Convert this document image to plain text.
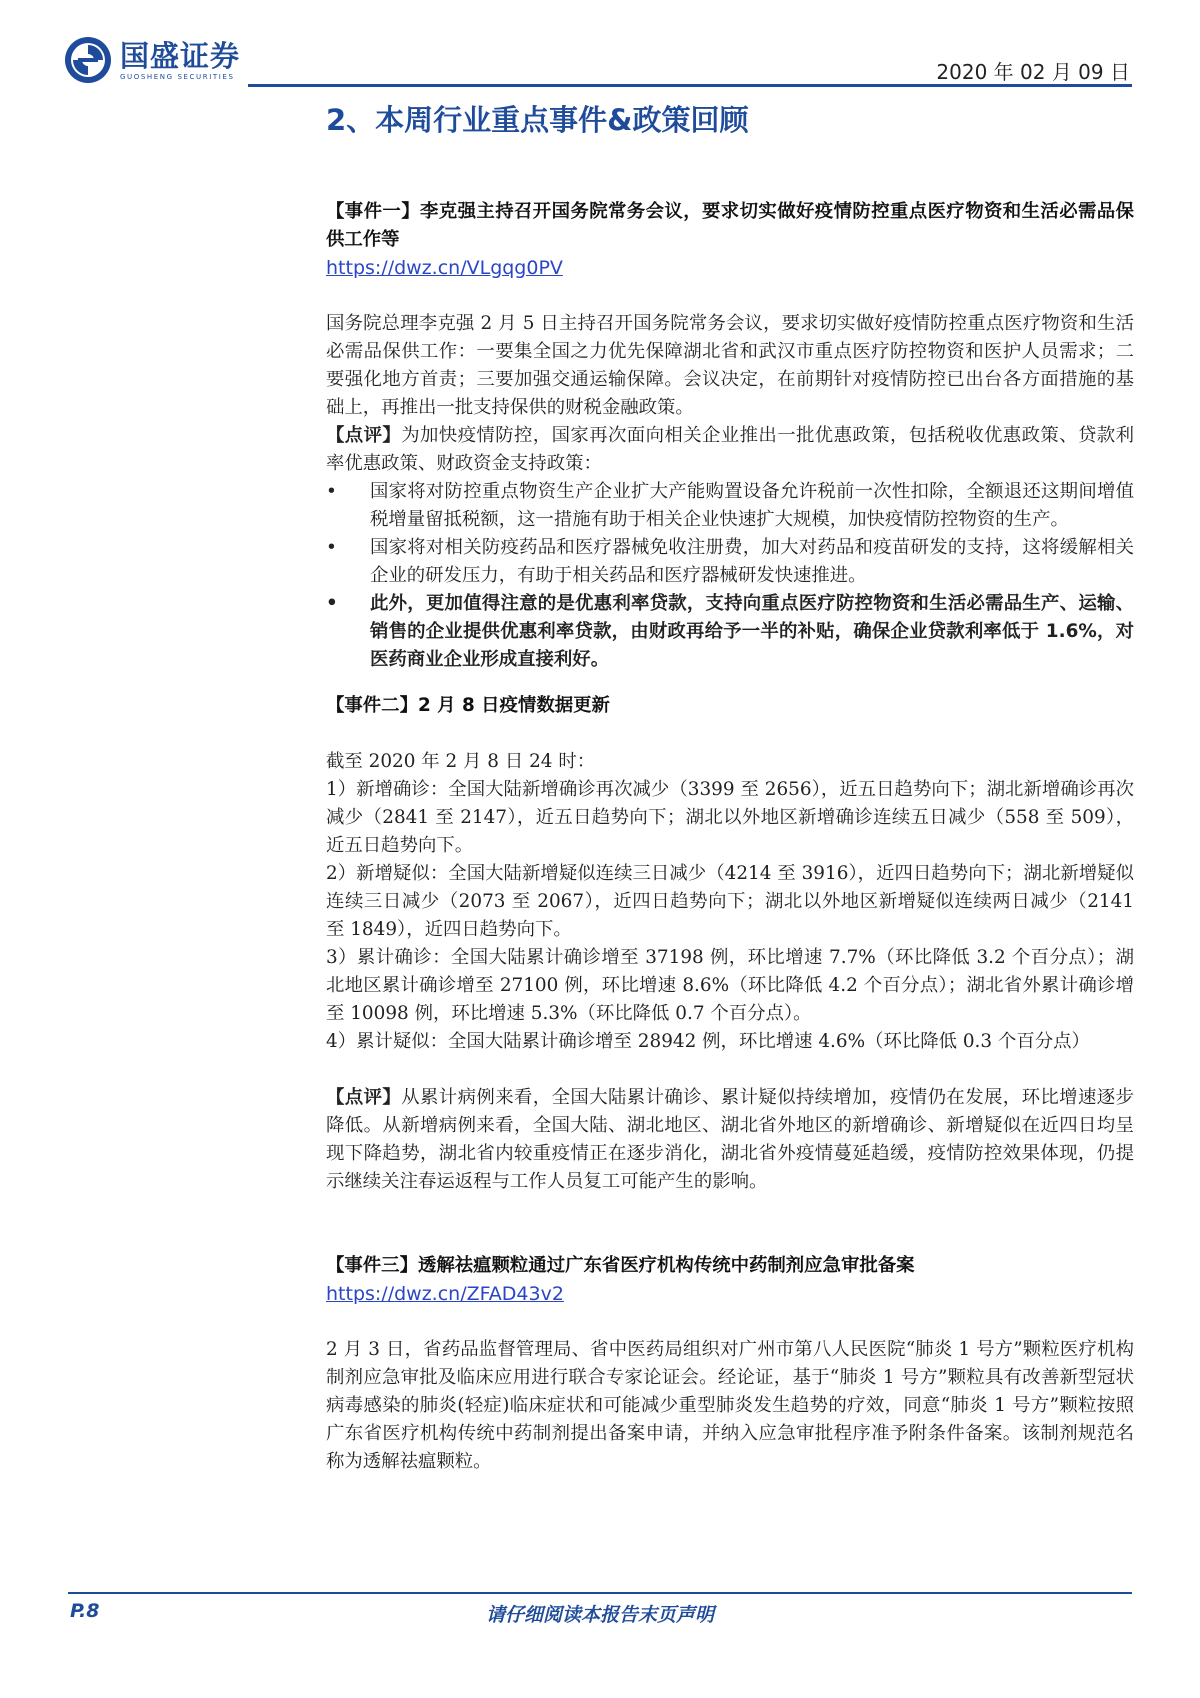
国盛证券
GUOSHENG SECURITIES	2020 年 02 月 09 日
2、本周行业重点事件&政策回顾

【事件一】李克强主持召开国务院常务会议，要求切实做好疫情防控重点医疗物资和生活必需品保供工作等

https://dwz.cn/VLgqg0PV

国务院总理李克强 2 月 5 日主持召开国务院常务会议，要求切实做好疫情防控重点医疗物资和生活必需品保供工作：一要集全国之力优先保障湖北省和武汉市重点医疗防控物资和医护人员需求；二要强化地方首责；三要加强交通运输保障。会议决定，在前期针对疫情防控已出台各方面措施的基础上，再推出一批支持保供的财税金融政策。

【点评】为加快疫情防控，国家再次面向相关企业推出一批优惠政策，包括税收优惠政策、贷款利率优惠政策、财政资金支持政策：

• 国家将对防控重点物资生产企业扩大产能购置设备允许税前一次性扣除，全额退还这期间增值税增量留抵税额，这一措施有助于相关企业快速扩大规模，加快疫情防控物资的生产。
• 国家将对相关防疫药品和医疗器械免收注册费，加大对药品和疫苗研发的支持，这将缓解相关企业的研发压力，有助于相关药品和医疗器械研发快速推进。
• 此外，更加值得注意的是优惠利率贷款，支持向重点医疗防控物资和生活必需品生产、运输、销售的企业提供优惠利率贷款，由财政再给予一半的补贴，确保企业贷款利率低于 1.6%，对医药商业企业形成直接利好。

【事件二】2 月 8 日疫情数据更新

截至 2020 年 2 月 8 日 24 时：

1）新增确诊：全国大陆新增确诊再次减少（3399 至 2656），近五日趋势向下；湖北新增确诊再次减少（2841 至 2147），近五日趋势向下；湖北以外地区新增确诊连续五日减少（558 至 509），近五日趋势向下。

2）新增疑似：全国大陆新增疑似连续三日减少（4214 至 3916），近四日趋势向下；湖北新增疑似连续三日减少（2073 至 2067），近四日趋势向下；湖北以外地区新增疑似连续两日减少（2141 至 1849），近四日趋势向下。

3）累计确诊：全国大陆累计确诊增至 37198 例，环比增速 7.7%（环比降低 3.2 个百分点）；湖北地区累计确诊增至 27100 例，环比增速 8.6%（环比降低 4.2 个百分点）；湖北省外累计确诊增至 10098 例，环比增速 5.3%（环比降低 0.7 个百分点）。

4）累计疑似：全国大陆累计确诊增至 28942 例，环比增速 4.6%（环比降低 0.3 个百分点）

【点评】从累计病例来看，全国大陆累计确诊、累计疑似持续增加，疫情仍在发展，环比增速逐步降低。从新增病例来看，全国大陆、湖北地区、湖北省外地区的新增确诊、新增疑似在近四日均呈现下降趋势，湖北省内较重疫情正在逐步消化，湖北省外疫情蔓延趋缓，疫情防控效果体现，仍提示继续关注春运返程与工作人员复工可能产生的影响。

【事件三】透解祛瘟颗粒通过广东省医疗机构传统中药制剂应急审批备案

https://dwz.cn/ZFAD43v2

2 月 3 日，省药品监督管理局、省中医药局组织对广州市第八人民医院“肺炎 1 号方”颗粒医疗机构制剂应急审批及临床应用进行联合专家论证会。经论证，基于“肺炎 1 号方”颗粒具有改善新型冠状病毒感染的肺炎(轻症)临床症状和可能减少重型肺炎发生趋势的疗效，同意“肺炎 1 号方”颗粒按照广东省医疗机构传统中药制剂提出备案申请，并纳入应急审批程序准予附条件备案。该制剂规范名称为透解祛瘟颗粒。

P.8	请仔细阅读本报告末页声明
